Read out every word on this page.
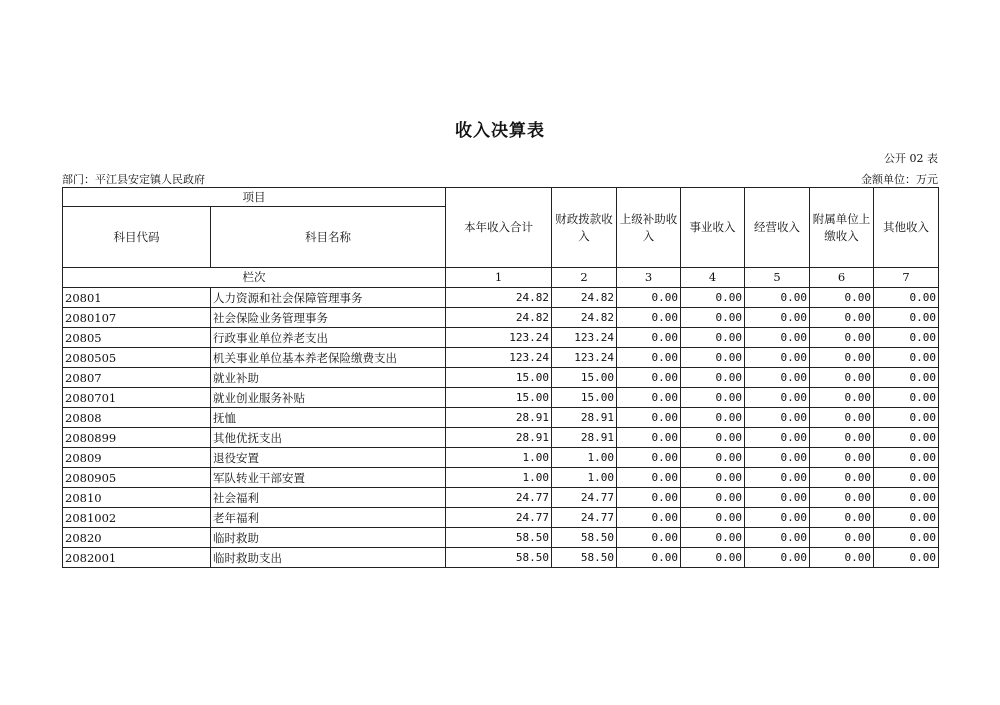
收入决算表
公开 02 表
部门：平江县安定镇人民政府	金额单位：万元
项目		本年收入合计	财政拨款收入	上级补助收入	事业收入	经营收入	附属单位上缴收入	其他收入
科目代码	科目名称							
栏次		1	2	3	4	5	6	7
20801	人力资源和社会保障管理事务	24.82	24.82	0.00	0.00	0.00	0.00	0.00
2080107	社会保险业务管理事务	24.82	24.82	0.00	0.00	0.00	0.00	0.00
20805	行政事业单位养老支出	123.24	123.24	0.00	0.00	0.00	0.00	0.00
2080505	机关事业单位基本养老保险缴费支出	123.24	123.24	0.00	0.00	0.00	0.00	0.00
20807	就业补助	15.00	15.00	0.00	0.00	0.00	0.00	0.00
2080701	就业创业服务补贴	15.00	15.00	0.00	0.00	0.00	0.00	0.00
20808	抚恤	28.91	28.91	0.00	0.00	0.00	0.00	0.00
2080899	其他优抚支出	28.91	28.91	0.00	0.00	0.00	0.00	0.00
20809	退役安置	1.00	1.00	0.00	0.00	0.00	0.00	0.00
2080905	军队转业干部安置	1.00	1.00	0.00	0.00	0.00	0.00	0.00
20810	社会福利	24.77	24.77	0.00	0.00	0.00	0.00	0.00
2081002	老年福利	24.77	24.77	0.00	0.00	0.00	0.00	0.00
20820	临时救助	58.50	58.50	0.00	0.00	0.00	0.00	0.00
2082001	临时救助支出	58.50	58.50	0.00	0.00	0.00	0.00	0.00
